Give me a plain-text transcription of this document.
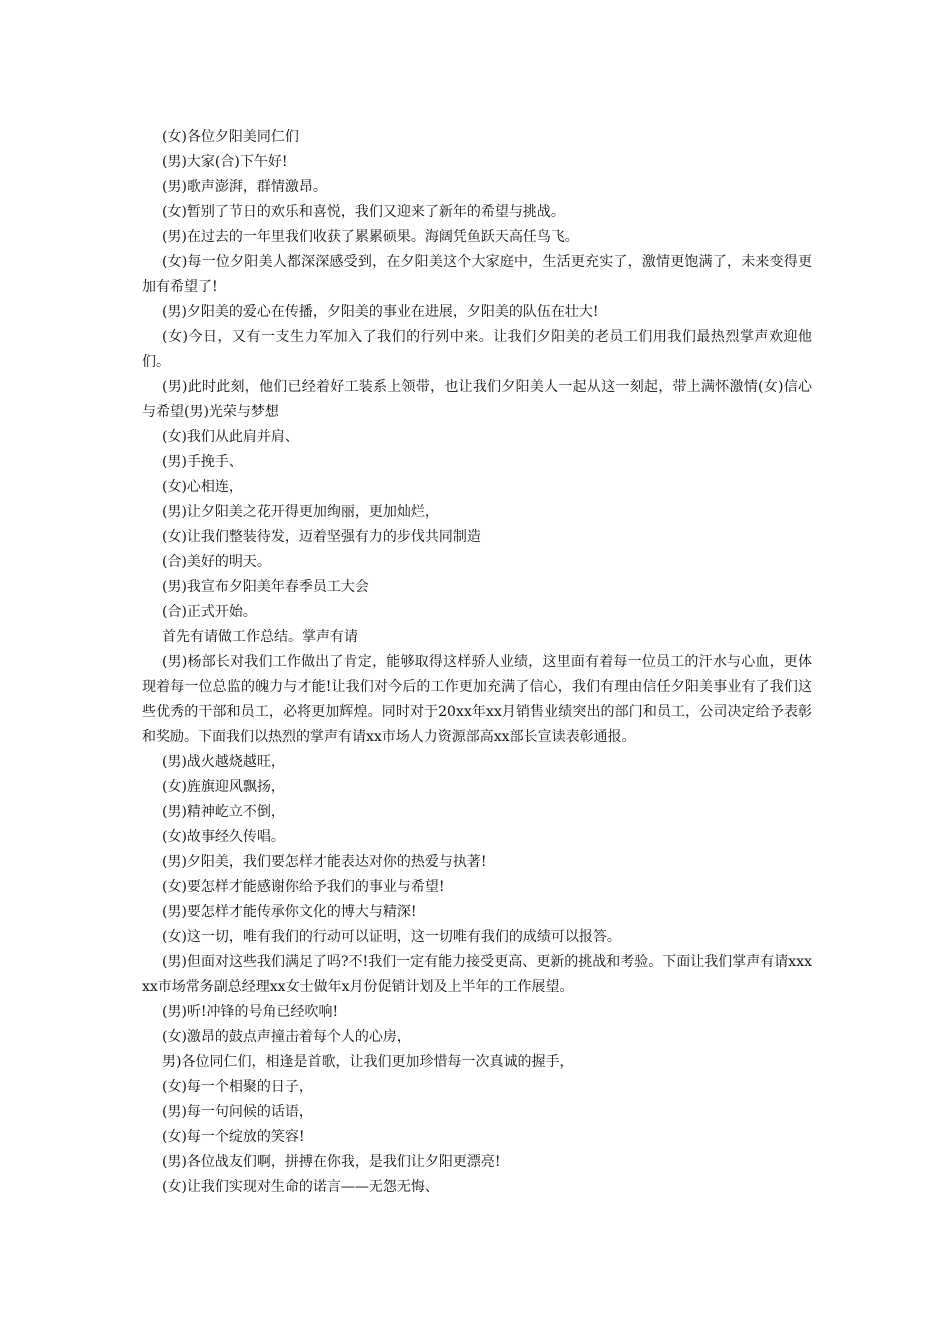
(女)各位夕阳美同仁们

(男)大家(合)下午好!

(男)歌声澎湃，群情激昂。

(女)暂别了节日的欢乐和喜悦，我们又迎来了新年的希望与挑战。

(男)在过去的一年里我们收获了累累硕果。海阔凭鱼跃天高任鸟飞。

(女)每一位夕阳美人都深深感受到，在夕阳美这个大家庭中，生活更充实了，激情更饱满了，未来变得更加有希望了!

(男)夕阳美的爱心在传播，夕阳美的事业在进展，夕阳美的队伍在壮大!

(女)今日，又有一支生力军加入了我们的行列中来。让我们夕阳美的老员工们用我们最热烈掌声欢迎他们。

(男)此时此刻，他们已经着好工装系上领带，也让我们夕阳美人一起从这一刻起，带上满怀激情(女)信心与希望(男)光荣与梦想

(女)我们从此肩并肩、

(男)手挽手、

(女)心相连，

(男)让夕阳美之花开得更加绚丽，更加灿烂，

(女)让我们整装待发，迈着坚强有力的步伐共同制造

(合)美好的明天。

(男)我宣布夕阳美年春季员工大会

(合)正式开始。

首先有请做工作总结。掌声有请

(男)杨部长对我们工作做出了肯定，能够取得这样骄人业绩，这里面有着每一位员工的汗水与心血，更体现着每一位总监的魄力与才能!让我们对今后的工作更加充满了信心，我们有理由信任夕阳美事业有了我们这些优秀的干部和员工，必将更加辉煌。同时对于20xx年xx月销售业绩突出的部门和员工，公司决定给予表彰和奖励。下面我们以热烈的掌声有请xx市场人力资源部高xx部长宣读表彰通报。

(男)战火越烧越旺，

(女)旌旗迎风飘扬，

(男)精神屹立不倒，

(女)故事经久传唱。

(男)夕阳美，我们要怎样才能表达对你的热爱与执著!

(女)要怎样才能感谢你给予我们的事业与希望!

(男)要怎样才能传承你文化的博大与精深!

(女)这一切，唯有我们的行动可以证明，这一切唯有我们的成绩可以报答。

(男)但面对这些我们满足了吗?不!我们一定有能力接受更高、更新的挑战和考验。下面让我们掌声有请xxxxx市场常务副总经理xx女士做年x月份促销计划及上半年的工作展望。

(男)听!冲锋的号角已经吹响!

(女)激昂的鼓点声撞击着每个人的心房，

男)各位同仁们，相逢是首歌，让我们更加珍惜每一次真诚的握手，

(女)每一个相聚的日子，

(男)每一句问候的话语，

(女)每一个绽放的笑容!

(男)各位战友们啊，拼搏在你我，是我们让夕阳更漂亮!

(女)让我们实现对生命的诺言——无怨无悔、
